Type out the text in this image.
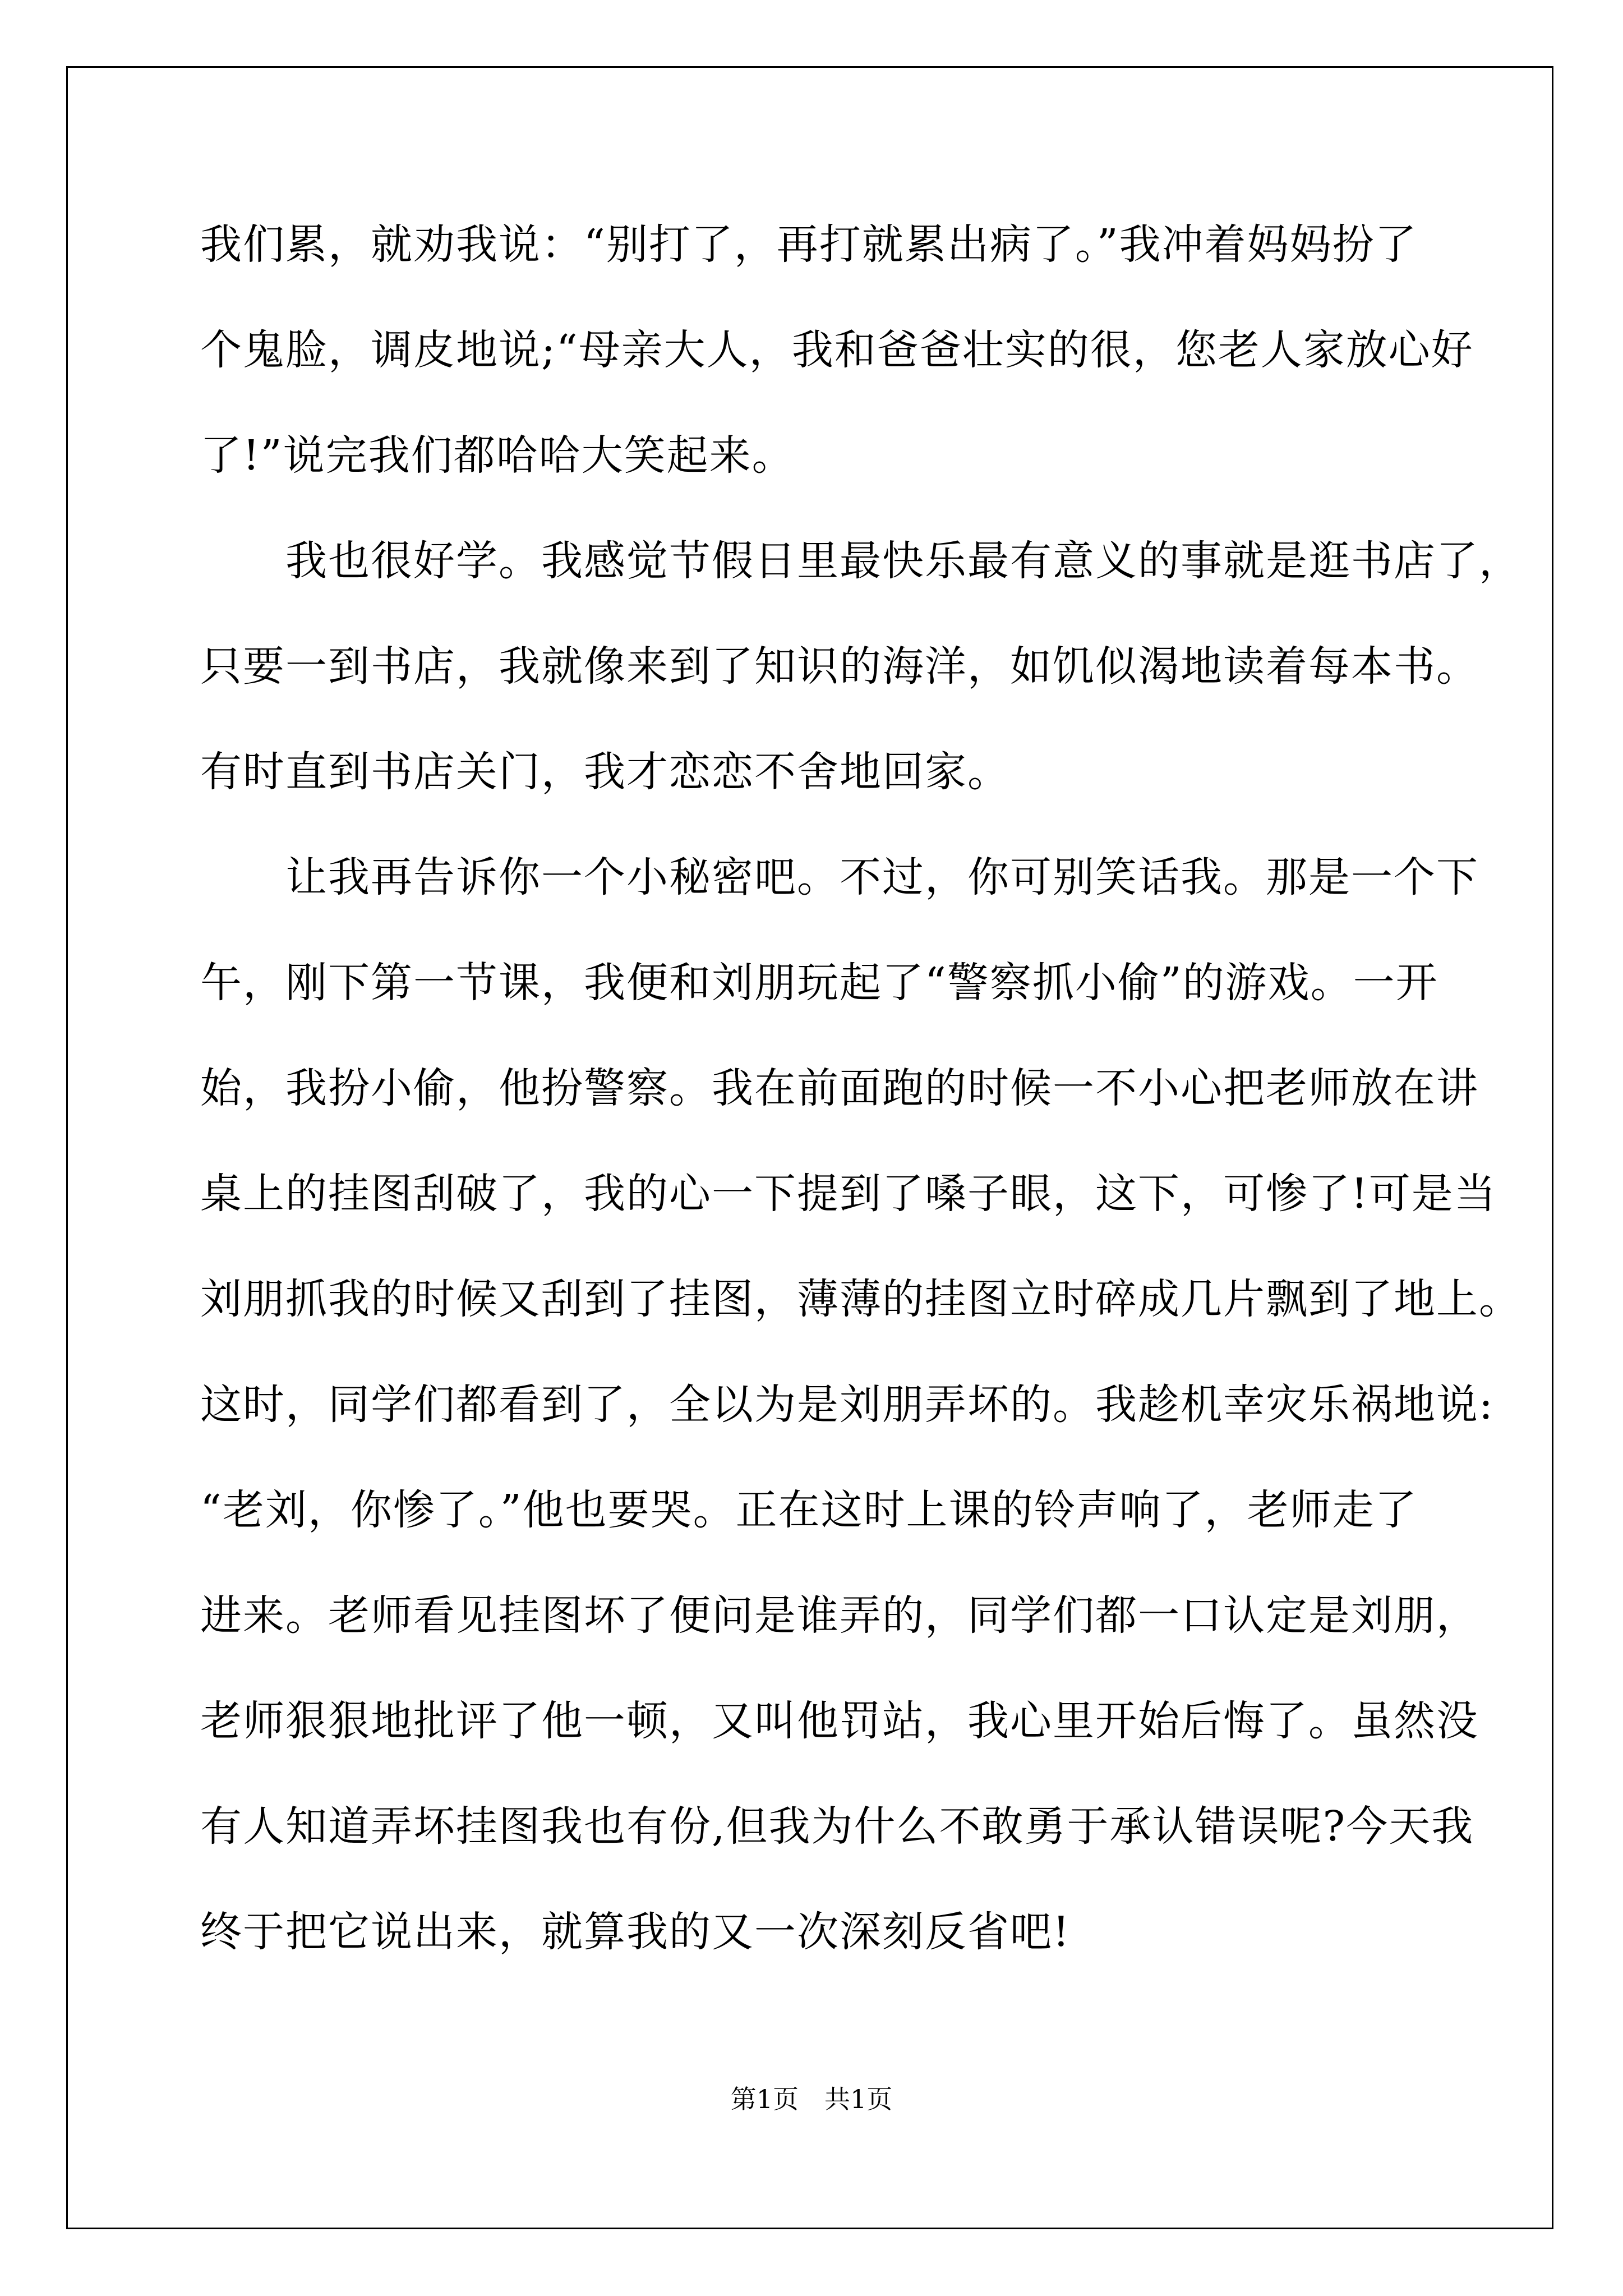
我们累，就劝我说：“别打了，再打就累出病了。”我冲着妈妈扮了
个鬼脸，调皮地说;“母亲大人，我和爸爸壮实的很，您老人家放心好
了!”说完我们都哈哈大笑起来。
　　我也很好学。我感觉节假日里最快乐最有意义的事就是逛书店了，
只要一到书店，我就像来到了知识的海洋，如饥似渴地读着每本书。
有时直到书店关门，我才恋恋不舍地回家。
　　让我再告诉你一个小秘密吧。不过，你可别笑话我。那是一个下
午，刚下第一节课，我便和刘朋玩起了“警察抓小偷”的游戏。一开
始，我扮小偷，他扮警察。我在前面跑的时候一不小心把老师放在讲
桌上的挂图刮破了，我的心一下提到了嗓子眼，这下，可惨了!可是当
刘朋抓我的时候又刮到了挂图，薄薄的挂图立时碎成几片飘到了地上。
这时，同学们都看到了，全以为是刘朋弄坏的。我趁机幸灾乐祸地说:
“老刘，你惨了。”他也要哭。正在这时上课的铃声响了，老师走了
进来。老师看见挂图坏了便问是谁弄的，同学们都一口认定是刘朋，
老师狠狠地批评了他一顿，又叫他罚站，我心里开始后悔了。虽然没
有人知道弄坏挂图我也有份,但我为什么不敢勇于承认错误呢?今天我
终于把它说出来，就算我的又一次深刻反省吧!
第1页　共1页
